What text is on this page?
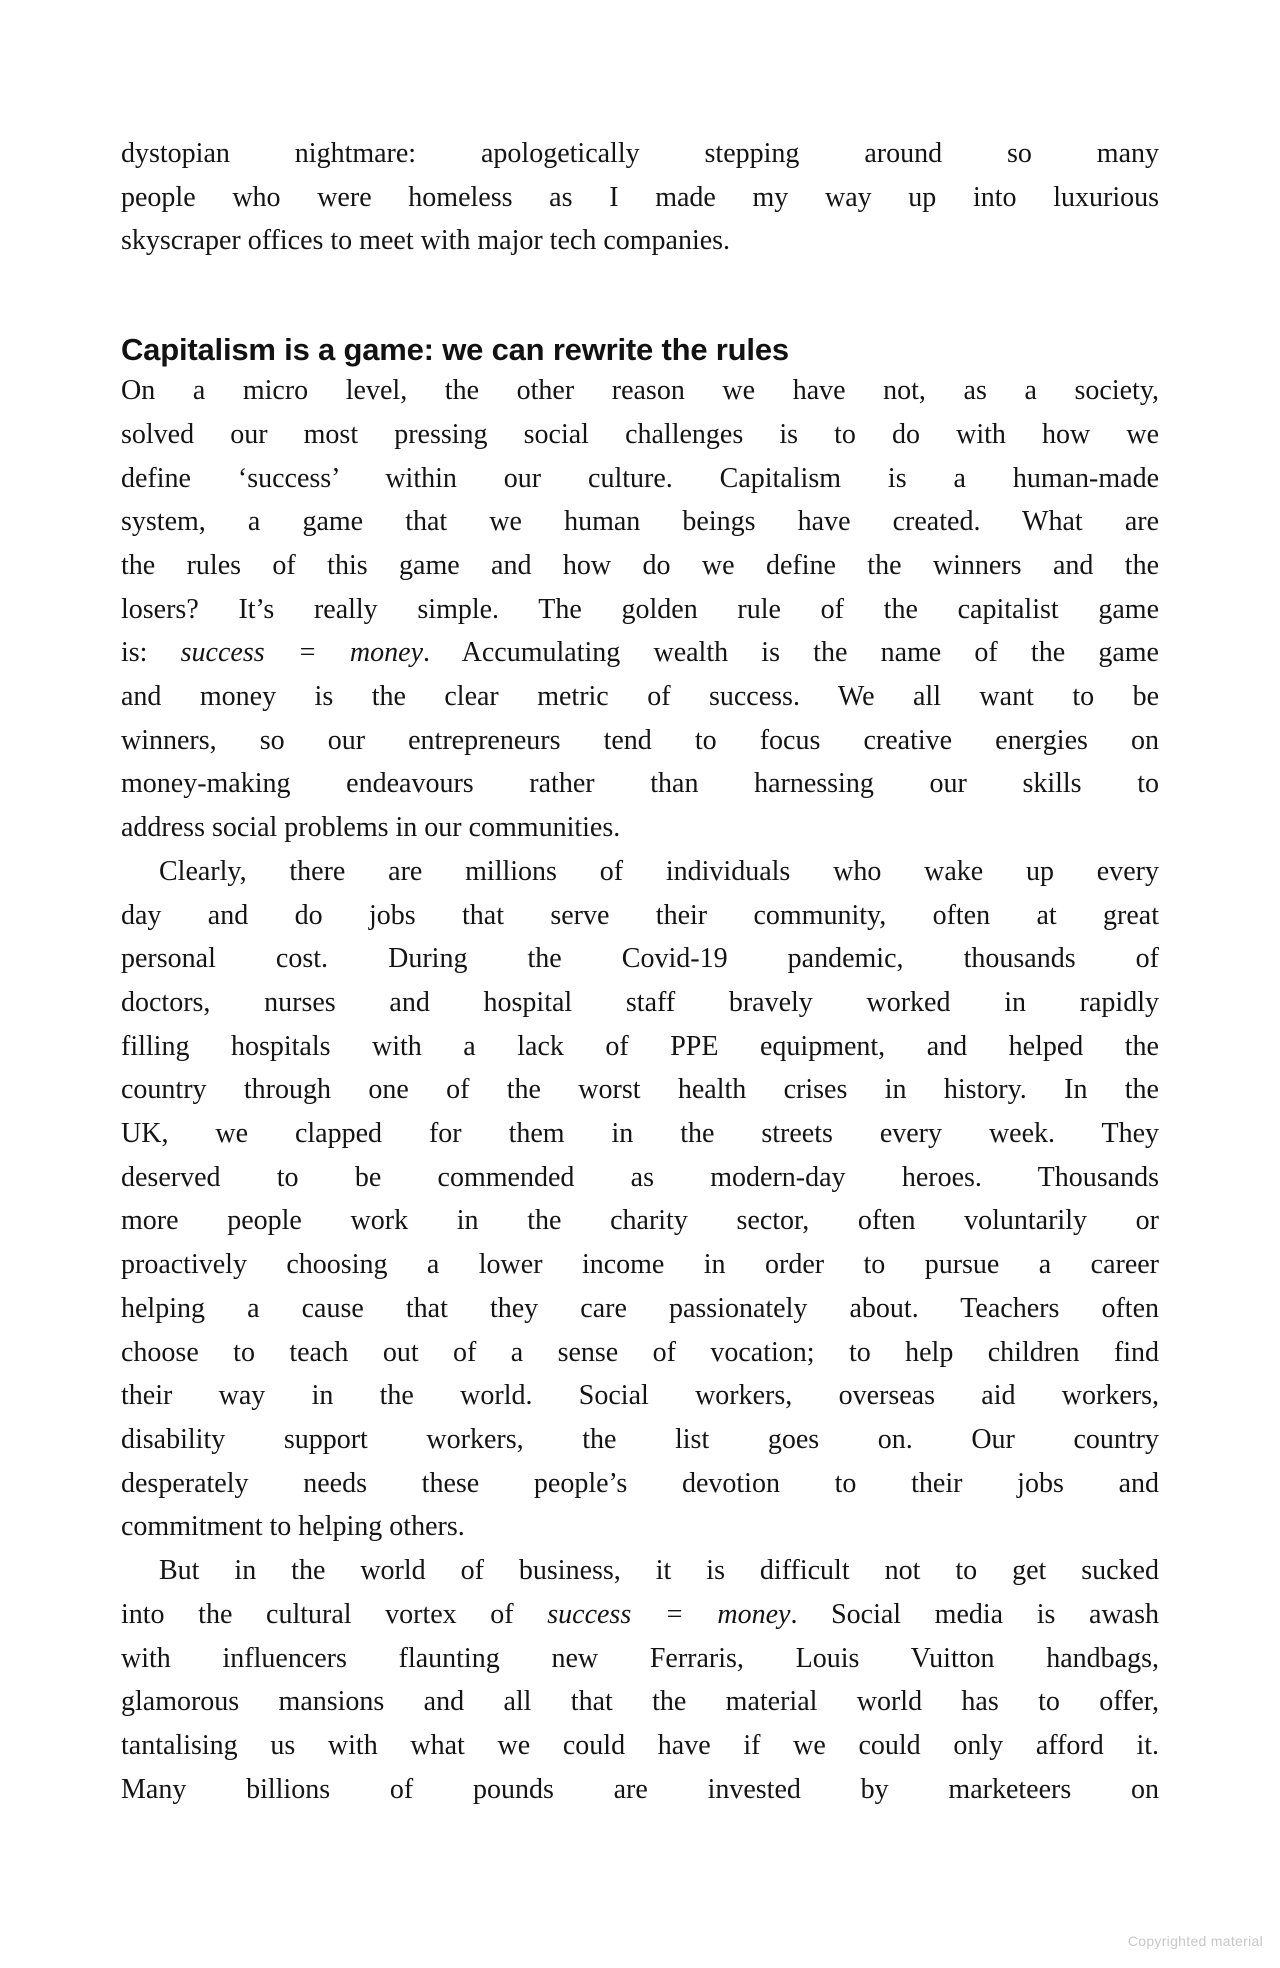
dystopian nightmare: apologetically stepping around so many
people who were homeless as I made my way up into luxurious
skyscraper offices to meet with major tech companies.
Capitalism is a game: we can rewrite the rules
On a micro level, the other reason we have not, as a society,
solved our most pressing social challenges is to do with how we
define ‘success’ within our culture. Capitalism is a human-made
system, a game that we human beings have created. What are
the rules of this game and how do we define the winners and the
losers? It’s really simple. The golden rule of the capitalist game
is: success = money. Accumulating wealth is the name of the game
and money is the clear metric of success. We all want to be
winners, so our entrepreneurs tend to focus creative energies on
money-making endeavours rather than harnessing our skills to
address social problems in our communities.
Clearly, there are millions of individuals who wake up every
day and do jobs that serve their community, often at great
personal cost. During the Covid-19 pandemic, thousands of
doctors, nurses and hospital staff bravely worked in rapidly
filling hospitals with a lack of PPE equipment, and helped the
country through one of the worst health crises in history. In the
UK, we clapped for them in the streets every week. They
deserved to be commended as modern-day heroes. Thousands
more people work in the charity sector, often voluntarily or
proactively choosing a lower income in order to pursue a career
helping a cause that they care passionately about. Teachers often
choose to teach out of a sense of vocation; to help children find
their way in the world. Social workers, overseas aid workers,
disability support workers, the list goes on. Our country
desperately needs these people’s devotion to their jobs and
commitment to helping others.
But in the world of business, it is difficult not to get sucked
into the cultural vortex of success = money. Social media is awash
with influencers flaunting new Ferraris, Louis Vuitton handbags,
glamorous mansions and all that the material world has to offer,
tantalising us with what we could have if we could only afford it.
Many billions of pounds are invested by marketeers on
Copyrighted material
